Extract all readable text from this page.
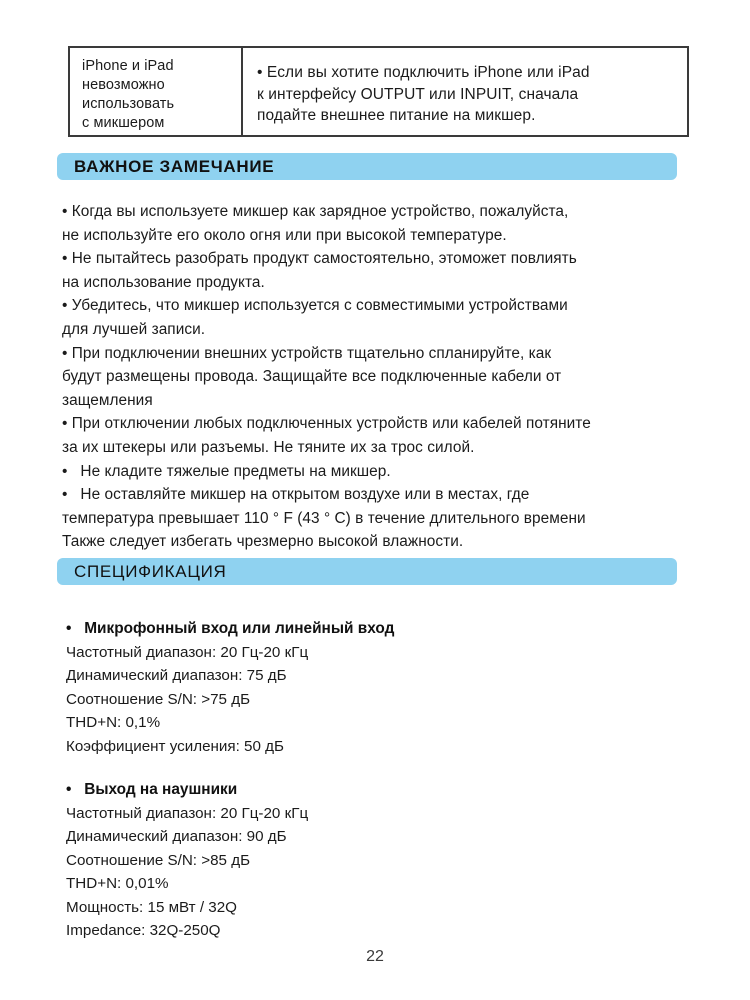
iPhone и iPad
невозможно
использовать
с микшером
• Если вы хотите подключить iPhone или iPad
к интерфейсу OUTPUT или INPUIT, сначала
подайте внешнее питание на микшер.
ВАЖНОЕ ЗАМЕЧАНИЕ
• Когда вы используете микшер как зарядное устройство, пожалуйста,
не используйте его около огня или при высокой температуре.
• Не пытайтесь разобрать продукт самостоятельно, этоможет повлиять
на использование продукта.
• Убедитесь, что микшер используется с совместимыми устройствами
для лучшей записи.
• При подключении внешних устройств тщательно спланируйте, как
будут размещены провода. Защищайте все подключенные кабели от
защемления
• При отключении любых подключенных устройств или кабелей потяните
за их штекеры или разъемы. Не тяните их за трос силой.
•   Не кладите тяжелые предметы на микшер.
•   Не оставляйте микшер на открытом воздухе или в местах, где
температура превышает 110 ° F (43 ° C) в течение длительного времени
Также следует избегать чрезмерно высокой влажности.
СПЕЦИФИКАЦИЯ
•   Микрофонный вход или линейный вход
Частотный диапазон: 20 Гц-20 кГц
Динамический диапазон: 75 дБ
Соотношение S/N: >75 дБ
THD+N: 0,1%
Коэффициент усиления: 50 дБ
•   Выход на наушники
Частотный диапазон: 20 Гц-20 кГц
Динамический диапазон: 90 дБ
Соотношение S/N: >85 дБ
THD+N: 0,01%
Мощность: 15 мВт / 32Q
Impedance: 32Q-250Q
22
